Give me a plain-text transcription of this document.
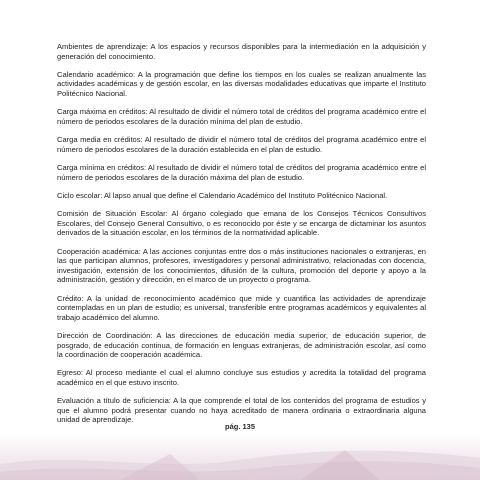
Ambientes de aprendizaje: A los espacios y recursos disponibles para la intermediación en la adquisición y generación del conocimiento.

Calendario académico: A la programación que define los tiempos en los cuales se realizan anualmente las actividades académicas y de gestión escolar, en las diversas modalidades educativas que imparte el Instituto Politécnico Nacional.

Carga máxima en créditos: Al resultado de dividir el número total de créditos del programa académico entre el número de periodos escolares de la duración mínima del plan de estudio.

Carga media en créditos: Al resultado de dividir el número total de créditos del programa académico entre el número de periodos escolares de la duración establecida en el plan de estudio.

Carga mínima en créditos: Al resultado de dividir el número total de créditos del programa académico entre el número de periodos escolares de la duración máxima del plan de estudio.

Ciclo escolar: Al lapso anual que define el Calendario Académico del Instituto Politécnico Nacional.

Comisión de Situación Escolar: Al órgano colegiado que emana de los Consejos Técnicos Consultivos Escolares, del Consejo General Consultivo, o es reconocido por éste y se encarga de dictaminar los asuntos derivados de la situación escolar, en los términos de la normatividad aplicable.

Cooperación académica: A las acciones conjuntas entre dos o más instituciones nacionales o extranjeras, en las que participan alumnos, profesores, investigadores y personal administrativo, relacionadas con docencia, investigación, extensión de los conocimientos, difusión de la cultura, promoción del deporte y apoyo a la administración, gestión y dirección, en el marco de un proyecto o programa.

Crédito: A la unidad de reconocimiento académico que mide y cuantifica las actividades de aprendizaje contempladas en un plan de estudio; es universal, transferible entre programas académicos y equivalentes al trabajo académico del alumno.

Dirección de Coordinación: A las direcciones de educación media superior, de educación superior, de posgrado, de educación continua, de formación en lenguas extranjeras, de administración escolar, así como la coordinación de cooperación académica.

Egreso: Al proceso mediante el cual el alumno concluye sus estudios y acredita la totalidad del programa académico en el que estuvo inscrito.

Evaluación a título de suficiencia: A la que comprende el total de los contenidos del programa de estudios y que el alumno podrá presentar cuando no haya acreditado de manera ordinaria o extraordinaria alguna unidad de aprendizaje.

pág. 135
